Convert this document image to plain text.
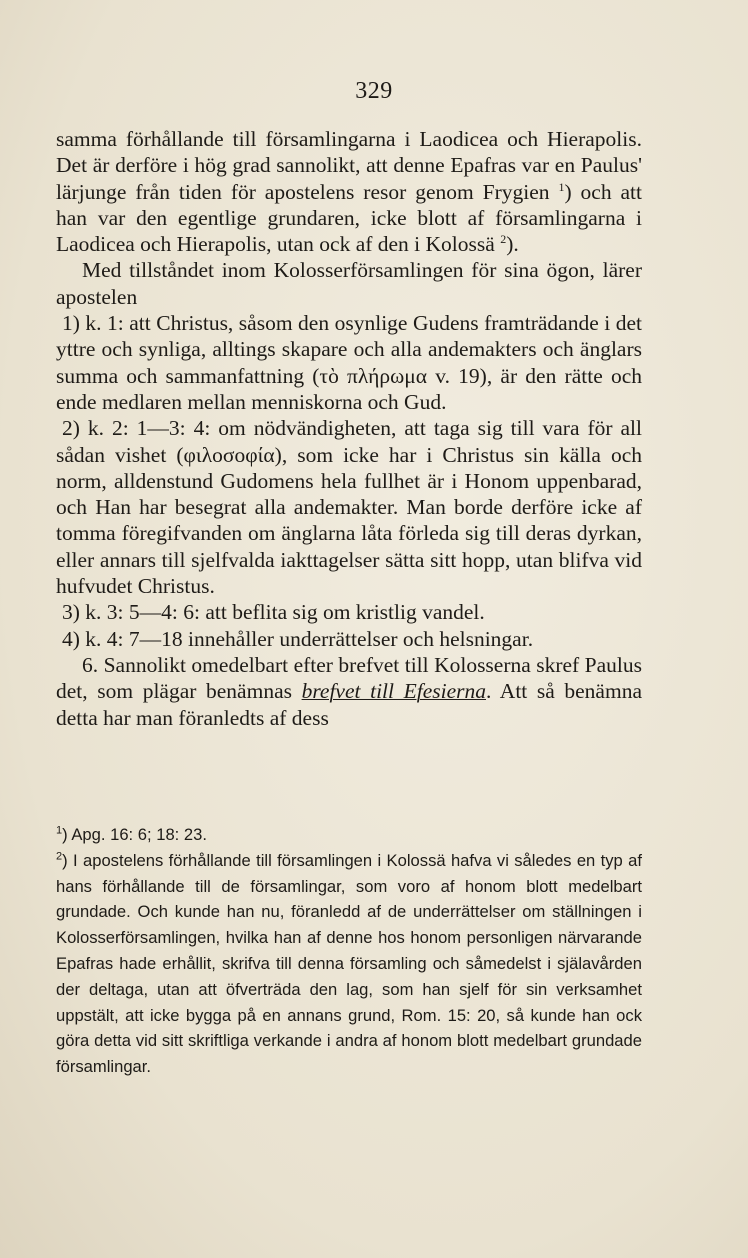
329

samma förhållande till församlingarna i Laodicea och Hierapolis. Det är derföre i hög grad sannolikt, att denne Epafras var en Paulus' lärjunge från tiden för apostelens resor genom Frygien $^1$) och att han var den egentlige grundaren, icke blott af församlingarna i Laodicea och Hierapolis, utan ock af den i Kolossä $^2$).

Med tillståndet inom Kolosserförsamlingen för sina ögon, lärer apostelen

1) k. 1: att Christus, såsom den osynlige Gudens framträdande i det yttre och synliga, alltings skapare och alla andemakters och änglars summa och sammanfattning (τὸ πλήρωμα v. 19), är den rätte och ende medlaren mellan menniskorna och Gud.

2) k. 2: 1—3: 4: om nödvändigheten, att taga sig till vara för all sådan vishet (φιλοσοφία), som icke har i Christus sin källa och norm, alldenstund Gudomens hela fullhet är i Honom uppenbarad, och Han har besegrat alla andemakter. Man borde derföre icke af tomma föregifvanden om änglarna låta förleda sig till deras dyrkan, eller annars till sjelfvalda iakttagelser sätta sitt hopp, utan blifva vid hufvudet Christus.

3) k. 3: 5—4: 6: att beflita sig om kristlig vandel.

4) k. 4: 7—18 innehåller underrättelser och helsningar.

6. Sannolikt omedelbart efter brefvet till Kolosserna skref Paulus det, som plägar benämnas brefvet till Efesierna. Att så benämna detta har man föranledts af dess

$^1$) Apg. 16: 6; 18: 23.

$^2$) I apostelens förhållande till församlingen i Kolossä hafva vi således en typ af hans förhållande till de församlingar, som voro af honom blott medelbart grundade. Och kunde han nu, föranledd af de underrättelser om ställningen i Kolosserförsamlingen, hvilka han af denne hos honom personligen närvarande Epafras hade erhållit, skrifva till denna församling och såmedelst i själavården der deltaga, utan att öfverträda den lag, som han sjelf för sin verksamhet uppstält, att icke bygga på en annans grund, Rom. 15: 20, så kunde han ock göra detta vid sitt skriftliga verkande i andra af honom blott medelbart grundade församlingar.
